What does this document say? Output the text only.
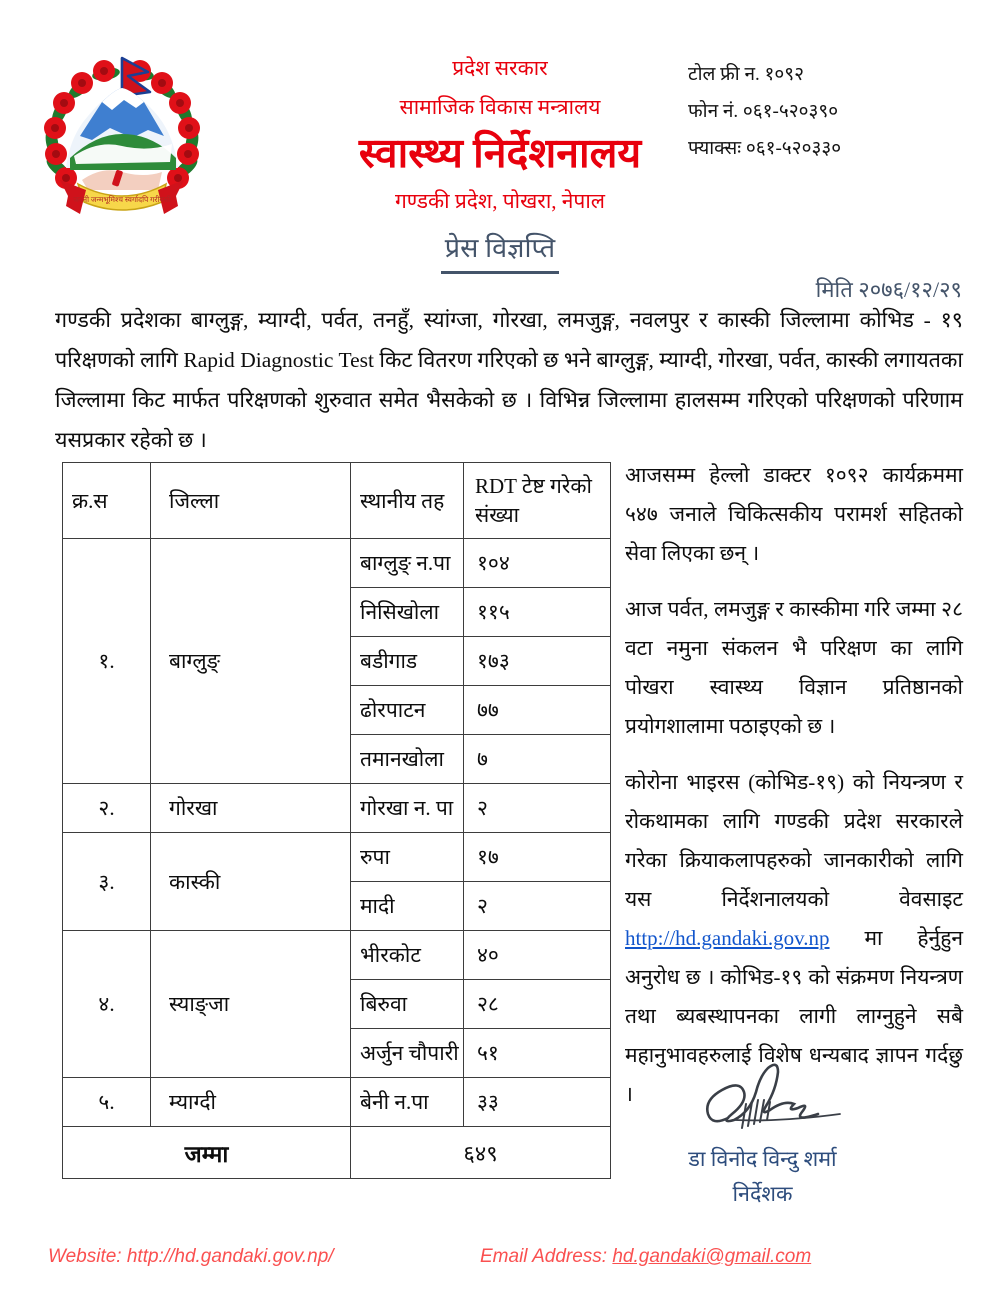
जननी जन्मभूमिश्च स्वर्गादपि गरीयसी
प्रदेश सरकार
सामाजिक विकास मन्त्रालय
स्वास्थ्य निर्देशनालय
गण्डकी प्रदेश, पोखरा, नेपाल
टोल फ्री न. १०९२
फोन नं. ०६१-५२०३९०
फ्याक्सः ०६१-५२०३३०
प्रेस विज्ञप्ति
मिति २०७६/१२/२९
गण्डकी प्रदेशका बाग्लुङ्ग, म्याग्दी, पर्वत, तनहुँ, स्यांग्जा, गोरखा, लमजुङ्ग, नवलपुर र कास्की जिल्लामा कोभिड - १९ परिक्षणको लागि Rapid Diagnostic Test किट वितरण गरिएको छ भने बाग्लुङ्ग, म्याग्दी, गोरखा, पर्वत, कास्की लगायतका जिल्लामा किट मार्फत परिक्षणको शुरुवात समेत भैसकेको छ । विभिन्न जिल्लामा हालसम्म गरिएको परिक्षणको परिणाम यसप्रकार रहेको छ ।
क्र.स	जिल्ला	स्थानीय तह	RDT टेष्ट गरेको संख्या
१.	बाग्लुङ्	बाग्लुङ् न.पा	१०४
		निसिखोला	११५
		बडीगाड	१७३
		ढोरपाटन	७७
		तमानखोला	७
२.	गोरखा	गोरखा न. पा	२
३.	कास्की	रुपा	१७
		मादी	२
४.	स्याङ्जा	भीरकोट	४०
		बिरुवा	२८
		अर्जुन चौपारी	५१
५.	म्याग्दी	बेनी न.पा	३३
जम्मा		६४९	

आजसम्म हेल्लो डाक्टर १०९२ कार्यक्रममा ५४७ जनाले चिकित्सकीय परामर्श सहितको सेवा लिएका छन् ।

आज पर्वत, लमजुङ्ग र कास्कीमा गरि जम्मा २८ वटा नमुना संकलन भै परिक्षण का लागि पोखरा स्वास्थ्य विज्ञान प्रतिष्ठानको प्रयोगशालामा पठाइएको छ ।

कोरोना भाइरस (कोभिड-१९) को नियन्त्रण र रोकथामका लागि गण्डकी प्रदेश सरकारले गरेका क्रियाकलापहरुको जानकारीको लागि यस निर्देशनालयको वेवसाइट http://hd.gandaki.gov.np मा हेर्नुहुन अनुरोध छ । कोभिड-१९ को संक्रमण नियन्त्रण तथा ब्यबस्थापनका लागी लाग्नुहुने सबै महानुभावहरुलाई विशेष धन्यबाद ज्ञापन गर्दछु ।

डा विनोद विन्दु शर्मा
निर्देशक
Website: http://hd.gandaki.gov.np/	Email Address: hd.gandaki@gmail.com
